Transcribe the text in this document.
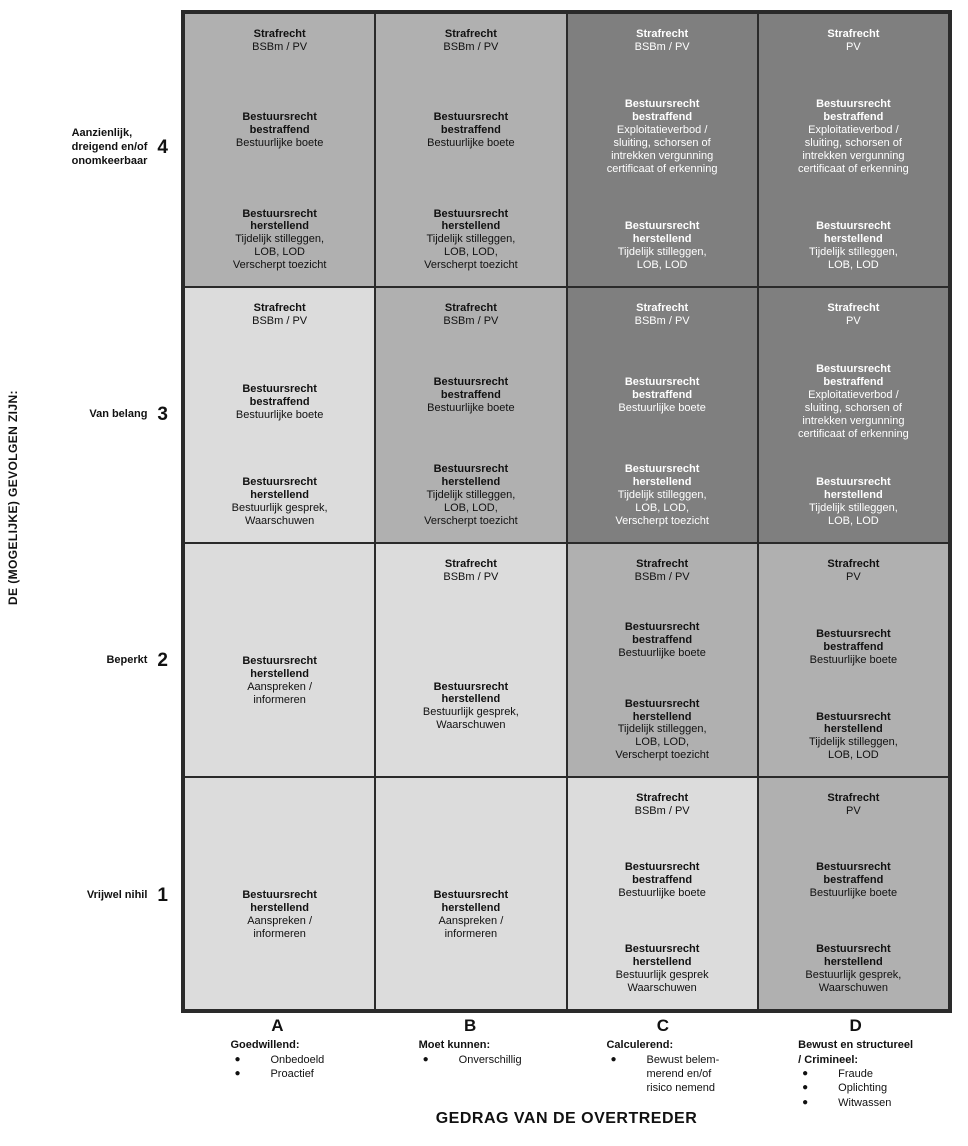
DE (MOGELIJKE) GEVOLGEN ZIJN:
Aanzienlijk,
dreigend en/of
onomkeerbaar
4
Van belang 3
Beperkt 2
Vrijwel nihil 1
Strafrecht
BSBm / PV
Bestuursrecht
bestraffend
Bestuurlijke boete
Bestuursrecht
herstellend
Tijdelijk stilleggen,
LOB, LOD
Verscherpt toezicht
Strafrecht
BSBm / PV
Bestuursrecht
bestraffend
Bestuurlijke boete
Bestuursrecht
herstellend
Tijdelijk stilleggen,
LOB, LOD,
Verscherpt toezicht
Strafrecht
BSBm / PV
Bestuursrecht
bestraffend
Exploitatieverbod /
sluiting, schorsen of
intrekken vergunning
certificaat of erkenning
Bestuursrecht
herstellend
Tijdelijk stilleggen,
LOB, LOD
Strafrecht
PV
Bestuursrecht
bestraffend
Exploitatieverbod /
sluiting, schorsen of
intrekken vergunning
certificaat of erkenning
Bestuursrecht
herstellend
Tijdelijk stilleggen,
LOB, LOD
Strafrecht
BSBm / PV
Bestuursrecht
bestraffend
Bestuurlijke boete
Bestuursrecht
herstellend
Bestuurlijk gesprek,
Waarschuwen
Strafrecht
BSBm / PV
Bestuursrecht
bestraffend
Bestuurlijke boete
Bestuursrecht
herstellend
Tijdelijk stilleggen,
LOB, LOD,
Verscherpt toezicht
Strafrecht
BSBm / PV
Bestuursrecht
bestraffend
Bestuurlijke boete
Bestuursrecht
herstellend
Tijdelijk stilleggen,
LOB, LOD,
Verscherpt toezicht
Strafrecht
PV
Bestuursrecht
bestraffend
Exploitatieverbod /
sluiting, schorsen of
intrekken vergunning
certificaat of erkenning
Bestuursrecht
herstellend
Tijdelijk stilleggen,
LOB, LOD
Bestuursrecht
herstellend
Aanspreken /
informeren
Strafrecht
BSBm / PV
Bestuursrecht
herstellend
Bestuurlijk gesprek,
Waarschuwen
Strafrecht
BSBm / PV
Bestuursrecht
bestraffend
Bestuurlijke boete
Bestuursrecht
herstellend
Tijdelijk stilleggen,
LOB, LOD,
Verscherpt toezicht
Strafrecht
PV
Bestuursrecht
bestraffend
Bestuurlijke boete
Bestuursrecht
herstellend
Tijdelijk stilleggen,
LOB, LOD
Bestuursrecht
herstellend
Aanspreken /
informeren
Bestuursrecht
herstellend
Aanspreken /
informeren
Strafrecht
BSBm / PV
Bestuursrecht
bestraffend
Bestuurlijke boete
Bestuursrecht
herstellend
Bestuurlijk gesprek
Waarschuwen
Strafrecht
PV
Bestuursrecht
bestraffend
Bestuurlijke boete
Bestuursrecht
herstellend
Bestuurlijk gesprek,
Waarschuwen
A
Goedwillend:
●	Onbedoeld
●	Proactief
B
Moet kunnen:
●	Onverschillig
C
Calculerend:
●	Bewust belem-
merend en/of
risico nemend
D
Bewust en structureel
/ Crimineel:
●	Fraude
●	Oplichting
●	Witwassen
GEDRAG VAN DE OVERTREDER
